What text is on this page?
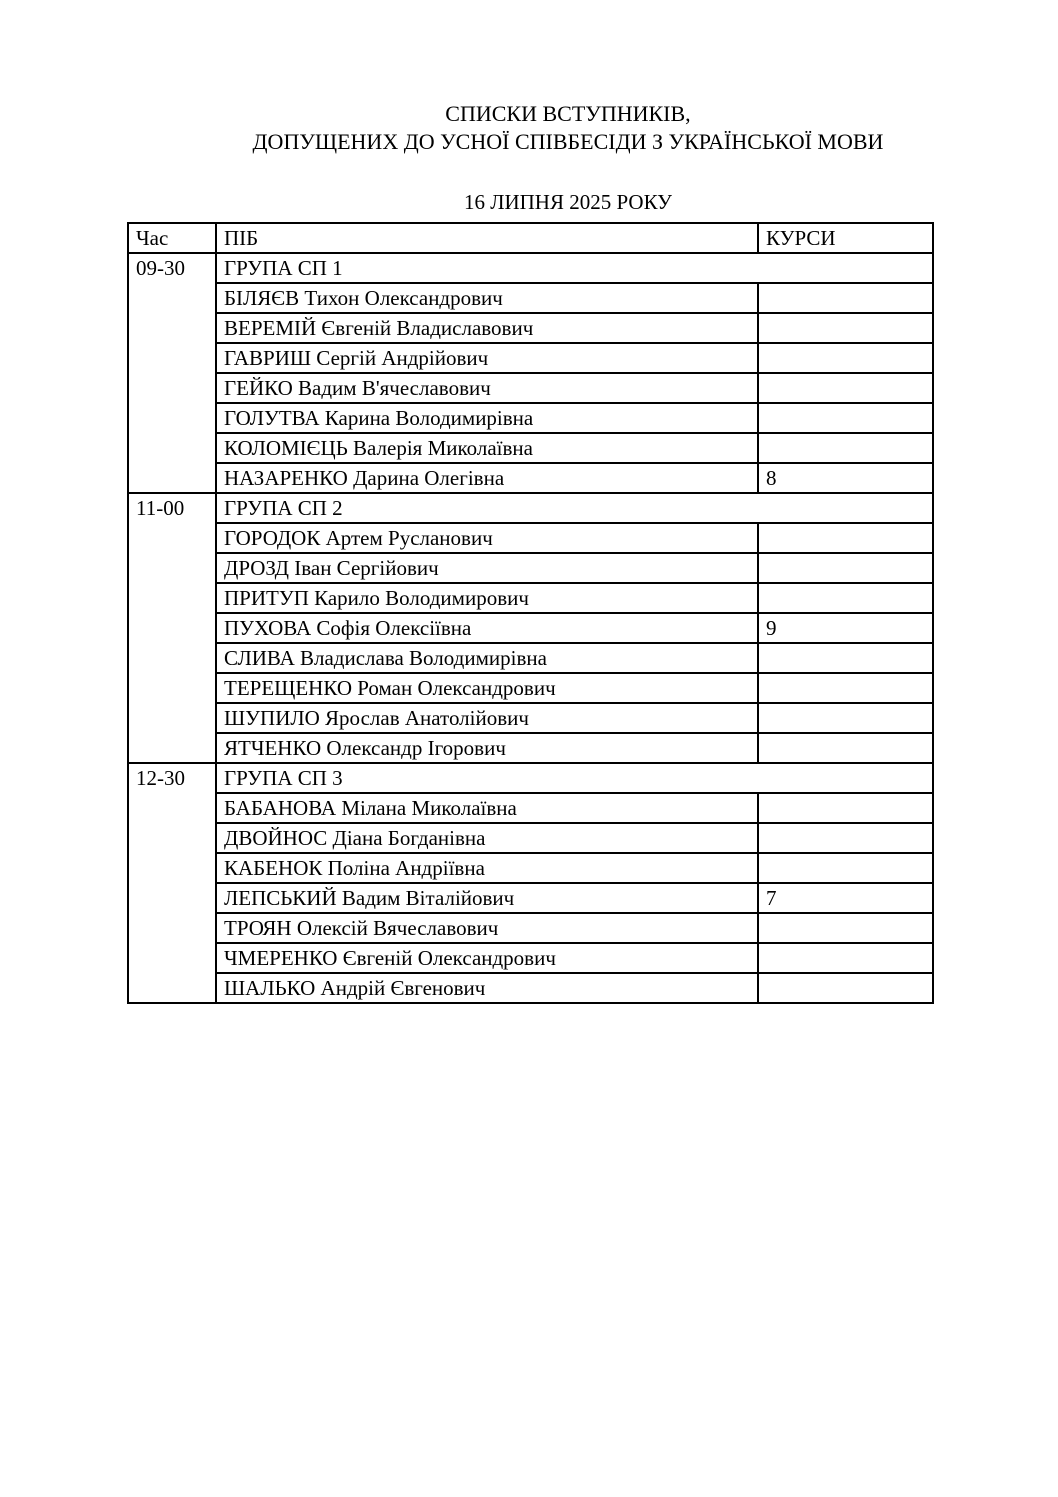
СПИСКИ ВСТУПНИКІВ,
ДОПУЩЕНИХ ДО УСНОЇ СПІВБЕСІДИ З УКРАЇНСЬКОЇ МОВИ
16 ЛИПНЯ 2025 РОКУ
Час	ПІБ	КУРСИ
09-30	ГРУПА СП 1	
	БІЛЯЄВ Тихон Олександрович	
	ВЕРЕМІЙ Євгеній Владиславович	
	ГАВРИШ Сергій Андрійович	
	ГЕЙКО Вадим В'ячеславович	
	ГОЛУТВА Карина Володимирівна	
	КОЛОМІЄЦЬ Валерія Миколаївна	
	НАЗАРЕНКО Дарина Олегівна	8
11-00	ГРУПА СП 2	
	ГОРОДОК Артем Русланович	
	ДРОЗД Іван Сергійович	
	ПРИТУП Карило Володимирович	
	ПУХОВА Софія Олексіївна	9
	СЛИВА Владислава Володимирівна	
	ТЕРЕЩЕНКО Роман Олександрович	
	ШУПИЛО Ярослав Анатолійович	
	ЯТЧЕНКО Олександр Ігорович	
12-30	ГРУПА СП 3	
	БАБАНОВА Мілана Миколаївна	
	ДВОЙНОС Діана Богданівна	
	КАБЕНОК Поліна Андріївна	
	ЛЕПСЬКИЙ Вадим Віталійович	7
	ТРОЯН Олексій Вячеславович	
	ЧМЕРЕНКО Євгеній Олександрович	
	ШАЛЬКО Андрій Євгенович	
